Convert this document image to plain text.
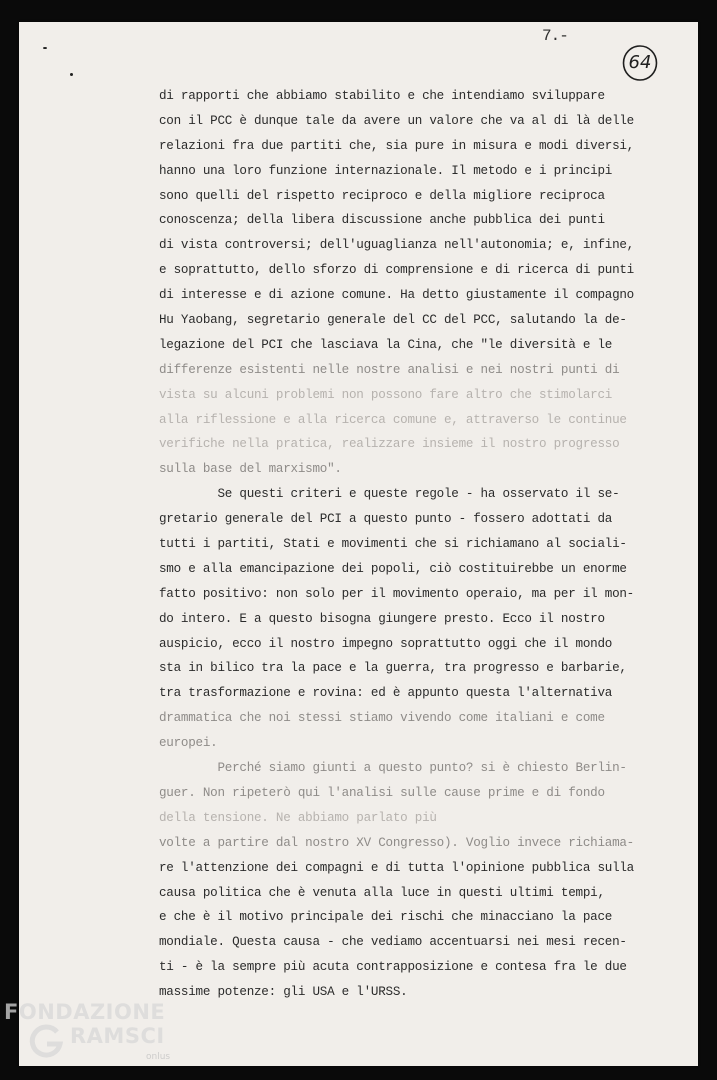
7.-
64
di rapporti che abbiamo stabilito e che intendiamo sviluppare
con il PCC è dunque tale da avere un valore che va al di là delle
relazioni fra due partiti che, sia pure in misura e modi diversi,
hanno una loro funzione internazionale. Il metodo e i principi
sono quelli del rispetto reciproco e della migliore reciproca
conoscenza; della libera discussione anche pubblica dei punti
di vista controversi; dell'uguaglianza nell'autonomia; e, infine,
e soprattutto, dello sforzo di comprensione e di ricerca di punti
di interesse e di azione comune. Ha detto giustamente il compagno
Hu Yaobang, segretario generale del CC del PCC, salutando la de-
legazione del PCI che lasciava la Cina, che "le diversità e le
differenze esistenti nelle nostre analisi e nei nostri punti di
vista su alcuni problemi non possono fare altro che stimolarci
alla riflessione e alla ricerca comune e, attraverso le continue
verifiche nella pratica, realizzare insieme il nostro progresso
sulla base del marxismo".
Se questi criteri e queste regole - ha osservato il se-
gretario generale del PCI a questo punto - fossero adottati da
tutti i partiti, Stati e movimenti che si richiamano al sociali-
smo e alla emancipazione dei popoli, ciò costituirebbe un enorme
fatto positivo: non solo per il movimento operaio, ma per il mon-
do intero. E a questo bisogna giungere presto. Ecco il nostro
auspicio, ecco il nostro impegno soprattutto oggi che il mondo
sta in bilico tra la pace e la guerra, tra progresso e barbarie,
tra trasformazione e rovina: ed è appunto questa l'alternativa
drammatica che noi stessi stiamo vivendo come italiani e come
europei.
Perché siamo giunti a questo punto? si è chiesto Berlin-
guer. Non ripeterò qui l'analisi sulle cause prime e di fondo
della tensione. Ne abbiamo parlato più
volte a partire dal nostro XV Congresso). Voglio invece richiama-
re l'attenzione dei compagni e di tutta l'opinione pubblica sulla
causa politica che è venuta alla luce in questi ultimi tempi,
e che è il motivo principale dei rischi che minacciano la pace
mondiale. Questa causa - che vediamo accentuarsi nei mesi recen-
ti - è la sempre più acuta contrapposizione e contesa fra le due
massime potenze: gli USA e l'URSS.
FONDAZIONE
RAMSCI
onlus
